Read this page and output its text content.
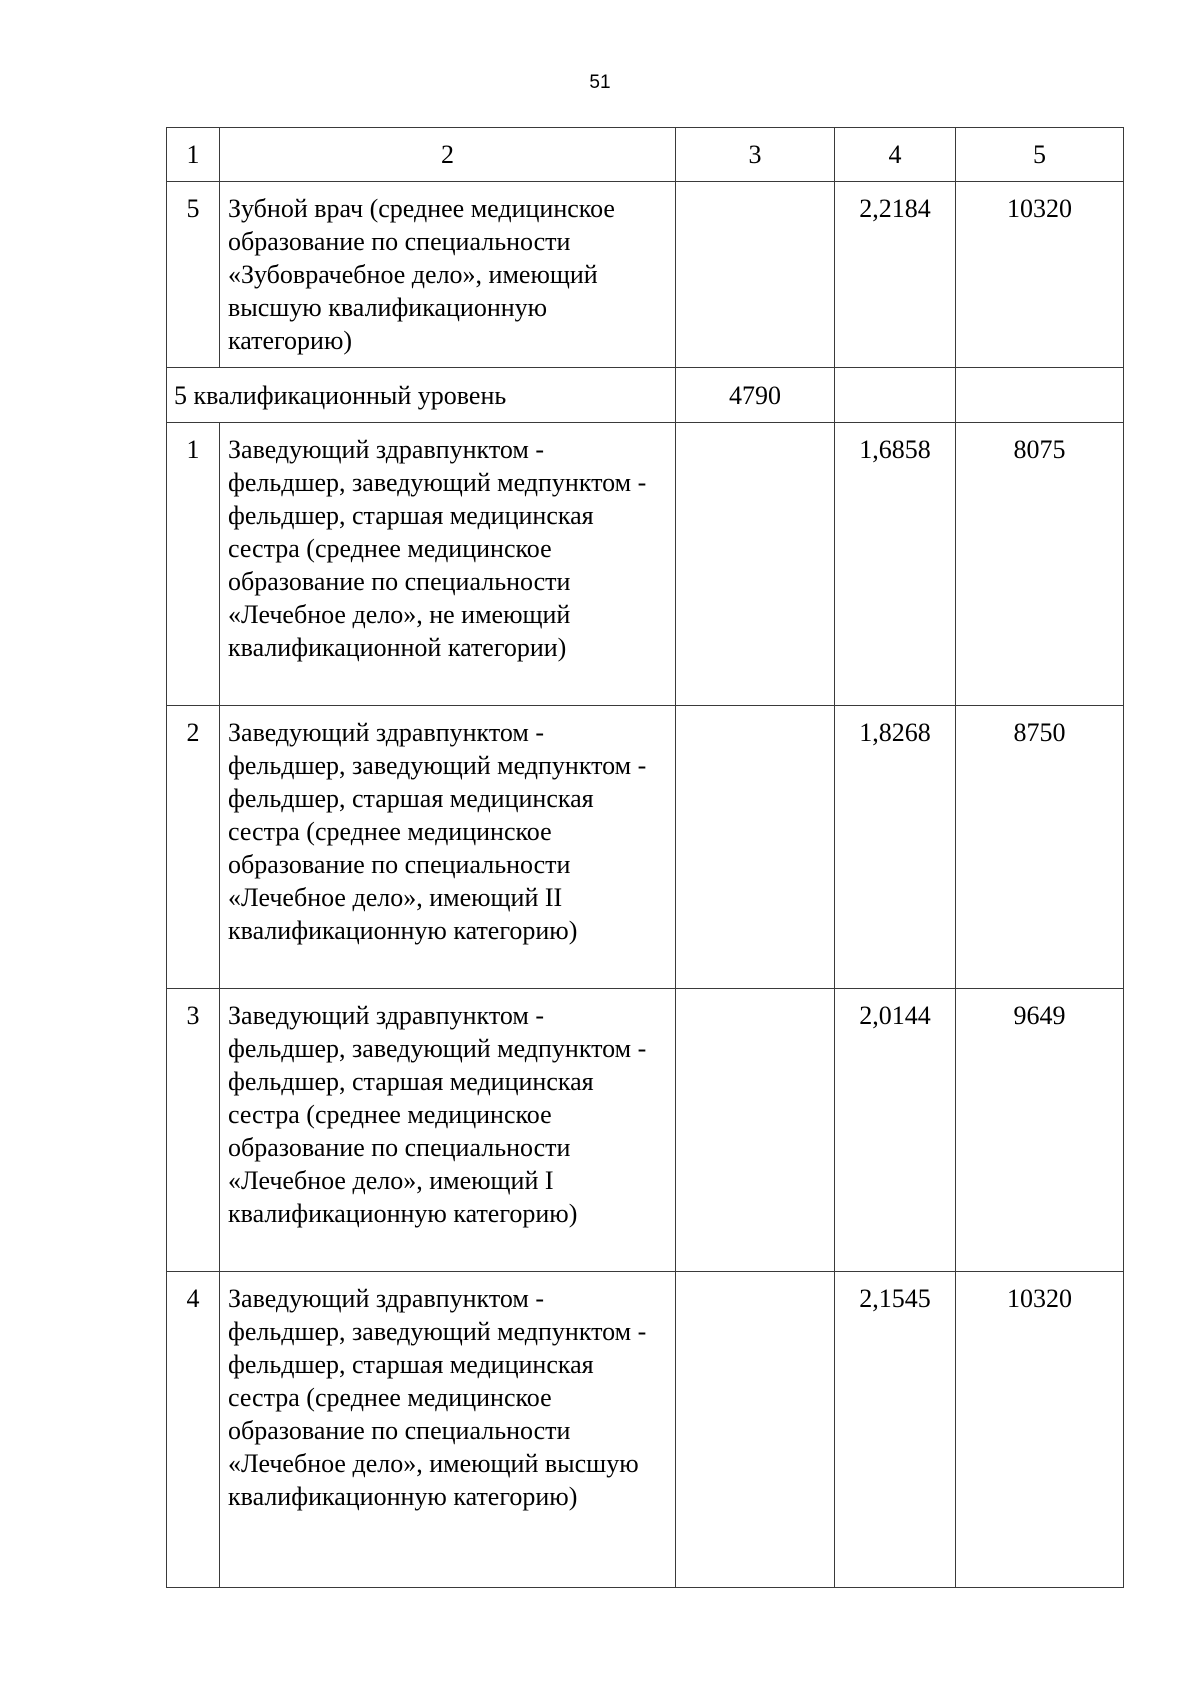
51
1	2	3	4	5
5	Зубной врач (среднее медицинское образование по специальности «Зубоврачебное дело», имеющий высшую квалификационную категорию)		2,2184	10320
5 квалификационный уровень		4790		
1	Заведующий здравпунктом - фельдшер, заведующий медпунктом - фельдшер, старшая медицинская сестра (среднее медицинское образование по специальности «Лечебное дело», не имеющий квалификационной категории)		1,6858	8075
2	Заведующий здравпунктом - фельдшер, заведующий медпунктом - фельдшер, старшая медицинская сестра (среднее медицинское образование по специальности «Лечебное дело», имеющий II квалификационную категорию)		1,8268	8750
3	Заведующий здравпунктом - фельдшер, заведующий медпунктом - фельдшер, старшая медицинская сестра (среднее медицинское образование по специальности «Лечебное дело», имеющий I квалификационную категорию)		2,0144	9649
4	Заведующий здравпунктом - фельдшер, заведующий медпунктом - фельдшер, старшая медицинская сестра (среднее медицинское образование по специальности «Лечебное дело», имеющий высшую квалификационную категорию)		2,1545	10320
